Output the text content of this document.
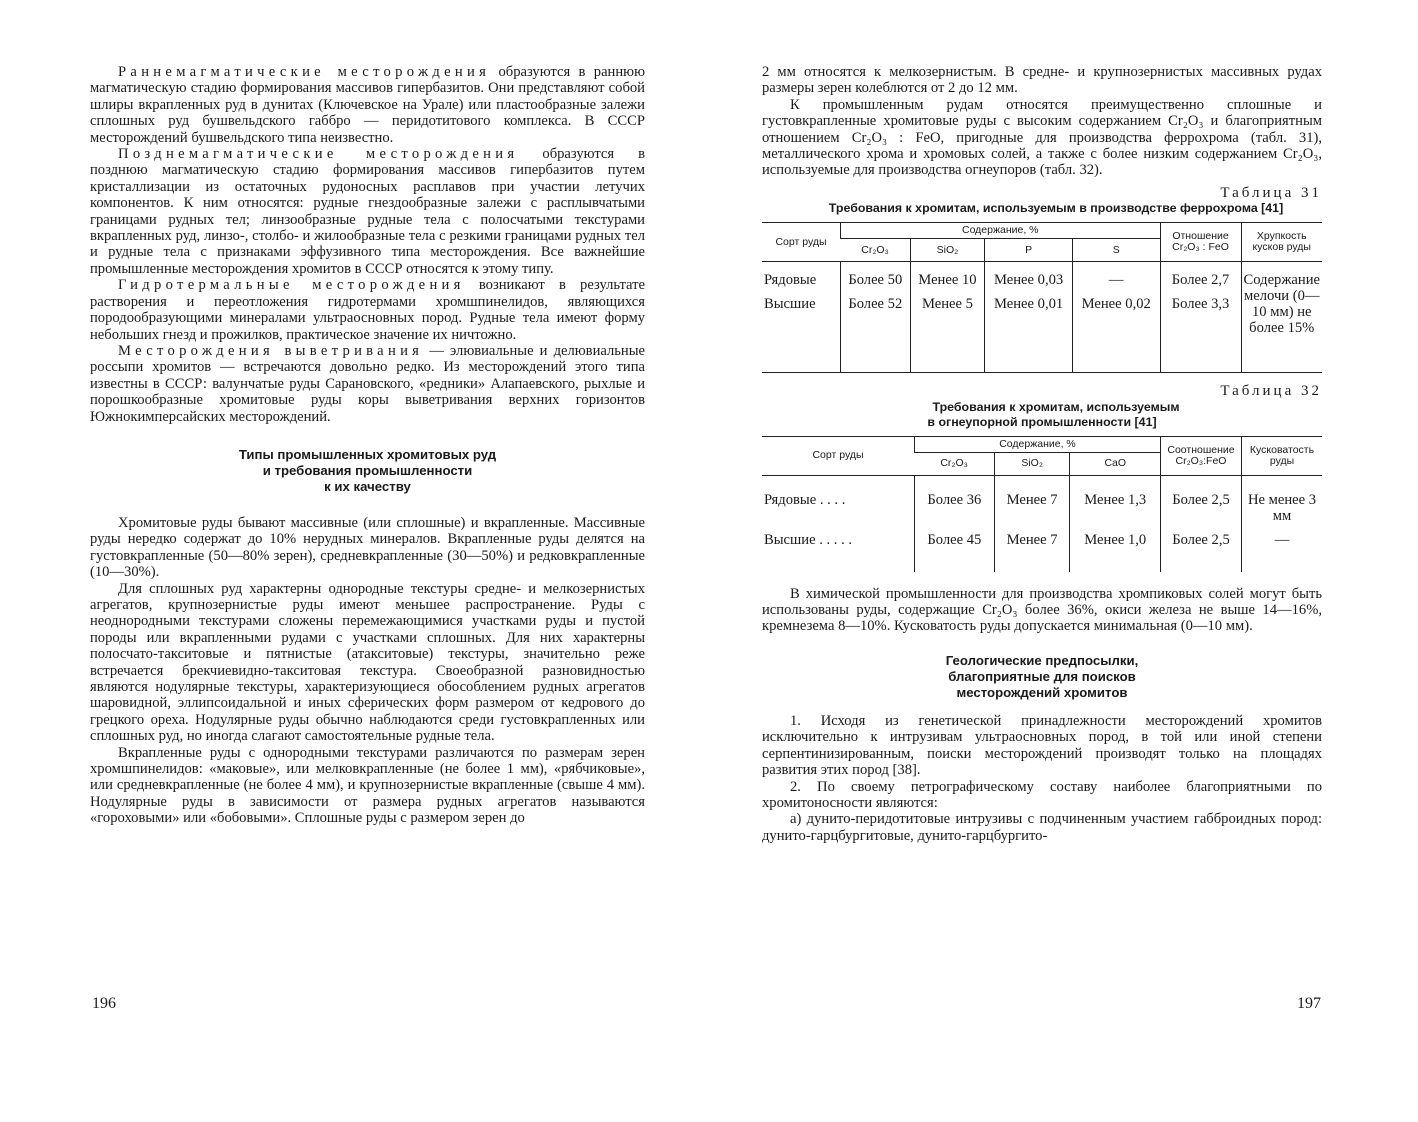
Раннемагматические месторождения образуются в раннюю магматическую стадию формирования массивов гипербазитов. Они представляют собой шлиры вкрапленных руд в дунитах (Ключевское на Урале) или пластообразные залежи сплошных руд бушвельдского габбро — перидотитового комплекса. В СССР месторождений бушвельдского типа неизвестно.

Позднемагматические месторождения образуются в позднюю магматическую стадию формирования массивов гипербазитов путем кристаллизации из остаточных рудоносных расплавов при участии летучих компонентов. К ним относятся: рудные гнездообразные залежи с расплывчатыми границами рудных тел; линзообразные рудные тела с полосчатыми текстурами вкрапленных руд, линзо-, столбо- и жилообразные тела с резкими границами рудных тел и рудные тела с признаками эффузивного типа месторождения. Все важнейшие промышленные месторождения хромитов в СССР относятся к этому типу.

Гидротермальные месторождения возникают в результате растворения и переотложения гидротермами хромшпинелидов, являющихся породообразующими минералами ультраосновных пород. Рудные тела имеют форму небольших гнезд и прожилков, практическое значение их ничтожно.

Месторождения выветривания — элювиальные и делювиальные россыпи хромитов — встречаются довольно редко. Из месторождений этого типа известны в СССР: валунчатые руды Сарановского, «редники» Алапаевского, рыхлые и порошкообразные хромитовые руды коры выветривания верхних горизонтов Южнокимперсайских месторождений.

Типы промышленных хромитовых руд
и требования промышленности
к их качеству

Хромитовые руды бывают массивные (или сплошные) и вкрапленные. Массивные руды нередко содержат до 10% нерудных минералов. Вкрапленные руды делятся на густовкрапленные (50—80% зерен), средневкрапленные (30—50%) и редковкрапленные (10—30%).

Для сплошных руд характерны однородные текстуры средне- и мелкозернистых агрегатов, крупнозернистые руды имеют меньшее распространение. Руды с неоднородными текстурами сложены перемежающимися участками руды и пустой породы или вкрапленными рудами с участками сплошных. Для них характерны полосчато-такситовые и пятнистые (атакситовые) текстуры, значительно реже встречается брекчиевидно-такситовая текстура. Своеобразной разновидностью являются нодулярные текстуры, характеризующиеся обособлением рудных агрегатов шаровидной, эллипсоидальной и иных сферических форм размером от кедрового до грецкого ореха. Нодулярные руды обычно наблюдаются среди густовкрапленных или сплошных руд, но иногда слагают самостоятельные рудные тела.

Вкрапленные руды с однородными текстурами различаются по размерам зерен хромшпинелидов: «маковые», или мелковкрапленные (не более 1 мм), «рябчиковые», или средневкрапленные (не более 4 мм), и крупнозернистые вкрапленные (свыше 4 мм). Нодулярные руды в зависимости от размера рудных агрегатов называются «гороховыми» или «бобовыми». Сплошные руды с размером зерен до

196

2 мм относятся к мелкозернистым. В средне- и крупнозернистых массивных рудах размеры зерен колеблются от 2 до 12 мм.

К промышленным рудам относятся преимущественно сплошные и густовкрапленные хромитовые руды с высоким содержанием Cr₂O₃ и благоприятным отношением Cr₂O₃ : FeO, пригодные для производства феррохрома (табл. 31), металлического хрома и хромовых солей, а также с более низким содержанием Cr₂O₃, используемые для производства огнеупоров (табл. 32).

Таблица 31

Требования к хромитам, используемым в производстве феррохрома [41]

Сорт руды	Содержание, %				Отношение Cr₂O₃ : FeO	Хрупкость кусков руды
	Cr₂O₃	SiO₂	P	S		
Рядовые	Более 50	Менее 10	Менее 0,03	—	Более 2,7	Содержание мелочи (0—10 мм) не более 15%
Высшие	Более 52	Менее 5	Менее 0,01	Менее 0,02	Более 3,3	

Таблица 32

Требования к хромитам, используемым
в огнеупорной промышленности [41]

Сорт руды	Содержание, %			Соотношение Cr₂O₃:FeO	Кусковатость руды
	Cr₂O₃	SiO₂	CaO		
Рядовые . . . .	Более 36	Менее 7	Менее 1,3	Более 2,5	Не менее 3 мм
Высшие . . . . .	Более 45	Менее 7	Менее 1,0	Более 2,5	—

В химической промышленности для производства хромпиковых солей могут быть использованы руды, содержащие Cr₂O₃ более 36%, окиси железа не выше 14—16%, кремнезема 8—10%. Кусковатость руды допускается минимальная (0—10 мм).

Геологические предпосылки,
благоприятные для поисков
месторождений хромитов

1. Исходя из генетической принадлежности месторождений хромитов исключительно к интрузивам ультраосновных пород, в той или иной степени серпентинизированным, поиски месторождений производят только на площадях развития этих пород [38].

2. По своему петрографическому составу наиболее благоприятными по хромитоносности являются:

а) дунито-перидотитовые интрузивы с подчиненным участием габброидных пород: дунито-гарцбургитовые, дунито-гарцбургито-

197
